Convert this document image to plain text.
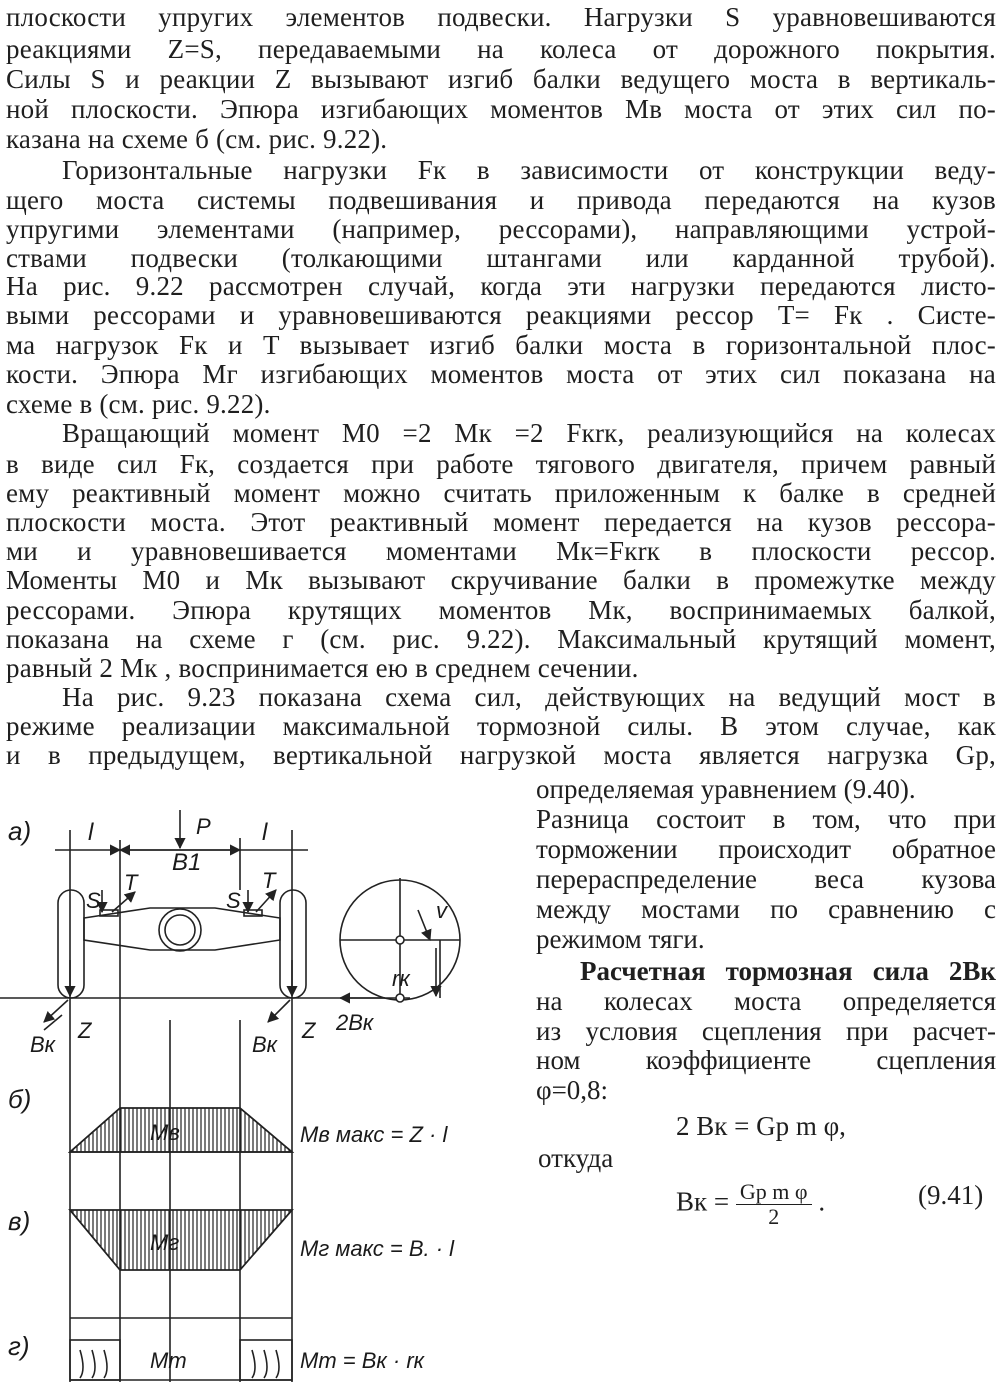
плоскости упругих элементов подвески. Нагрузки S уравновешиваются
реакциями Z=S, передаваемыми на колеса от дорожного покрытия.
Силы S и реакции Z вызывают изгиб балки ведущего моста в вертикаль-
ной плоскости. Эпюра изгибающих моментов Mв моста от этих сил по-
казана на схеме б (см. рис. 9.22).
Горизонтальные нагрузки Fк в зависимости от конструкции веду-
щего моста системы подвешивания и привода передаются на кузов
упругими элементами (например, рессорами), направляющими устрой-
ствами подвески (толкающими штангами или карданной трубой).
На рис. 9.22 рассмотрен случай, когда эти нагрузки передаются листо-
выми рессорами и уравновешиваются реакциями рессор T= Fк . Систе-
ма нагрузок Fк и T вызывает изгиб балки моста в горизонтальной плос-
кости. Эпюра Mг изгибающих моментов моста от этих сил показана на
схеме в (см. рис. 9.22).
Вращающий момент M0 =2 Mк =2 Fкrк, реализующийся на колесах
в виде сил Fк, создается при работе тягового двигателя, причем равный
ему реактивный момент можно считать приложенным к балке в средней
плоскости моста. Этот реактивный момент передается на кузов рессора-
ми и уравновешивается моментами Mк=Fкrк в плоскости рессор.
Моменты M0 и Mк вызывают скручивание балки в промежутке между
рессорами. Эпюра крутящих моментов Mк, воспринимаемых балкой,
показана на схеме г (см. рис. 9.22). Максимальный крутящий момент,
равный 2 Mк , воспринимается ею в среднем сечении.
На рис. 9.23 показана схема сил, действующих на ведущий мост в
режиме реализации максимальной тормозной силы. В этом случае, как
и в предыдущем, вертикальной нагрузкой моста является нагрузка Gp,
определяемая уравнением (9.40).
Разница состоит в том, что при
торможении происходит обратное
перераспределение веса кузова
между мостами по сравнению с
режимом тяги.
Расчетная тормозная сила 2Bк
на колесах моста определяется
из условия сцепления при расчет-
ном коэффициенте сцепления
φ=0,8:
2 Bк = Gp m φ,
откуда
Bк = $\frac{\text{Gp m φ}}{2}$ .	(9.41)
а)
б)
в)
г)
P
l	l
B1
S	S
T	T
Z	Z
Bк	Bк
v
rк
2Bк
Mв
Mг
Mm
Mв макс = Z · l
Mг макс = B. · l
Mm = Bк · rк
